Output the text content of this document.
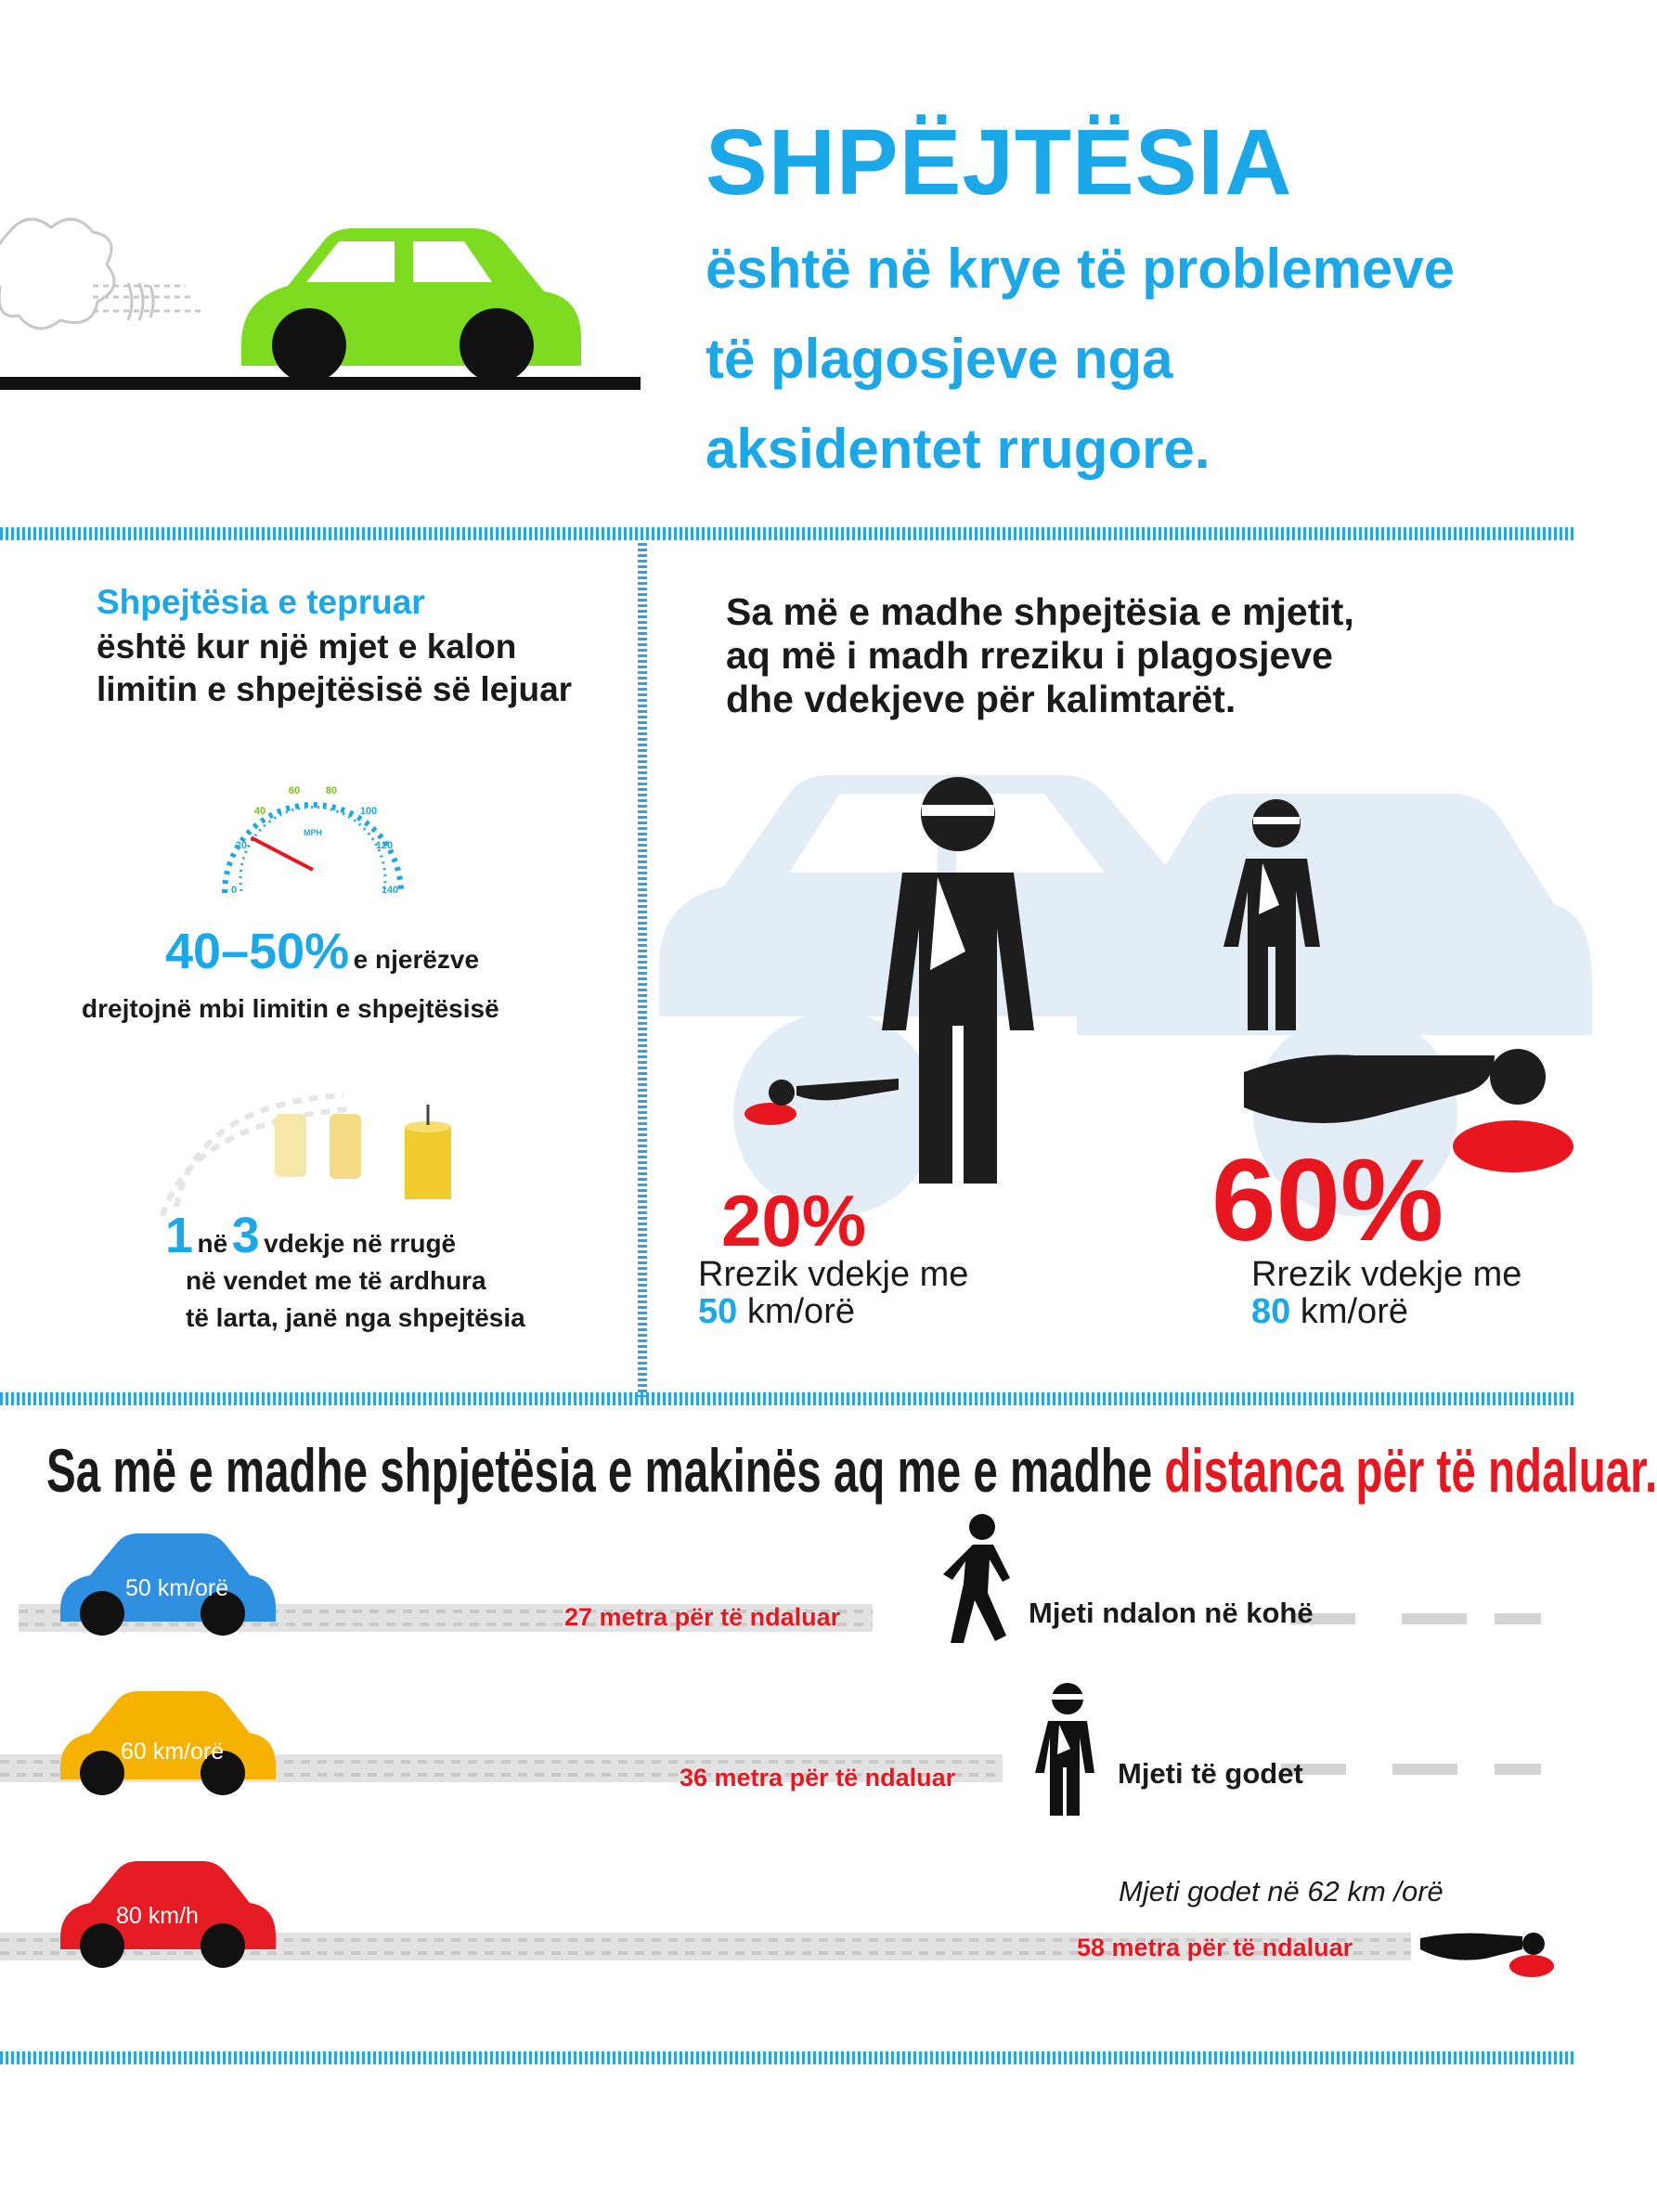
SHPËJTËSIA
është në krye të problemeve
të plagosjeve nga
aksidentet rrugore.
Shpejtësia e tepruar
është kur një mjet e kalon
limitin e shpejtësisë së lejuar
0
20
40
60	80
100
120
140
MPH
40–50% e njerëzve
drejtojnë mbi limitin e shpejtësisë
1 në 3 vdekje në rrugë
në vendet me të ardhura
të larta, janë nga shpejtësia
Sa më e madhe shpejtësia e mjetit,
aq më i madh rreziku i plagosjeve
dhe vdekjeve për kalimtarët.
20%
Rrezik vdekje me
50 km/orë
60%
Rrezik vdekje me
80 km/orë
Sa më e madhe shpjetësia e makinës aq me e madhe distanca për të ndaluar.
50 km/orë
27 metra për të ndaluar	Mjeti ndalon në kohë
60 km/orë
36 metra për të ndaluar	Mjeti të godet
80 km/h
Mjeti godet në 62 km /orë
58 metra për të ndaluar
